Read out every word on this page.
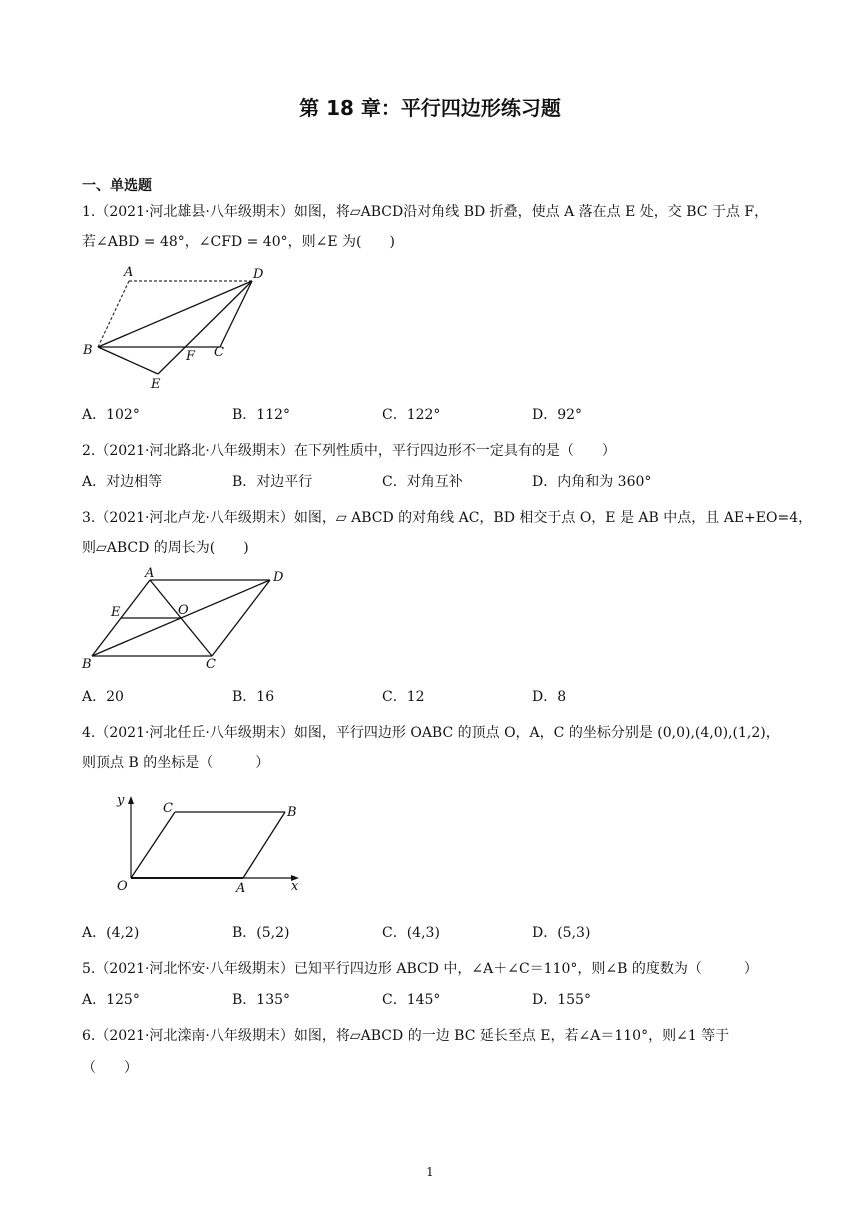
第 18 章：平行四边形练习题
一、单选题
1.（2021·河北雄县·八年级期末）如图，将▱ABCD沿对角线 BD 折叠，使点 A 落在点 E 处，交 BC 于点 F，
若∠ABD = 48°，∠CFD = 40°，则∠E 为(　　)
A	D
B	F C
E
A．102°	B．112°	C．122°	D．92°
2.（2021·河北路北·八年级期末）在下列性质中，平行四边形不一定具有的是（　　）
A．对边相等	B．对边平行	C．对角互补	D．内角和为 360°
3.（2021·河北卢龙·八年级期末）如图，▱ ABCD 的对角线 AC，BD 相交于点 O，E 是 AB 中点，且 AE+EO=4，
则▱ABCD 的周长为(　　)
A	D
E	O
B	C
A．20	B．16	C．12	D．8
4.（2021·河北任丘·八年级期末）如图，平行四边形 OABC 的顶点 O，A，C 的坐标分别是 (0,0),(4,0),(1,2)，
则顶点 B 的坐标是（　　　）
y
C	B
O	A	x
A．(4,2)	B．(5,2)	C．(4,3)	D．(5,3)
5.（2021·河北怀安·八年级期末）已知平行四边形 ABCD 中，∠A＋∠C＝110°，则∠B 的度数为（　　　）
A．125°	B．135°	C．145°	D．155°
6.（2021·河北滦南·八年级期末）如图，将▱ABCD 的一边 BC 延长至点 E，若∠A＝110°，则∠1 等于
（　　）
1
